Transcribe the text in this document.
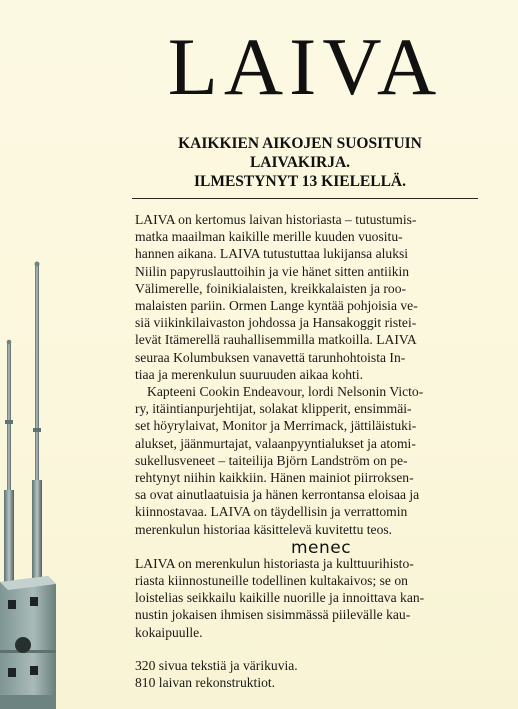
LAIVA
KAIKKIEN AIKOJEN SUOSITUIN
LAIVAKIRJA.
ILMESTYNYT 13 KIELELLÄ.

LAIVA on kertomus laivan historiasta – tutustumis-
matka maailman kaikille merille kuuden vuositu-
hannen aikana. LAIVA tutustuttaa lukijansa aluksi
Niilin papyruslauttoihin ja vie hänet sitten antiikin
Välimerelle, foinikialaisten, kreikkalaisten ja roo-
malaisten pariin. Ormen Lange kyntää pohjoisia ve-
siä viikinkilaivaston johdossa ja Hansakoggit ristei-
levät Itämerellä rauhallisemmilla matkoilla. LAIVA
seuraa Kolumbuksen vanavettä tarunhohtoista In-
tiaa ja merenkulun suuruuden aikaa kohti.

Kapteeni Cookin Endeavour, lordi Nelsonin Victo-
ry, itäintianpurjehtijat, solakat klipperit, ensimmäi-
set höyrylaivat, Monitor ja Merrimack, jättiläistuki-
alukset, jäänmurtajat, valaanpyyntialukset ja atomi-
sukellusveneet – taiteilija Björn Landström on pe-
rehtynyt niihin kaikkiin. Hänen mainiot piirroksen-
sa ovat ainutlaatuisia ja hänen kerrontansa eloisaa ja
kiinnostavaa. LAIVA on täydellisin ja verrattomin
merenkulun historiaa käsittelevä kuvitettu teos.

LAIVA on merenkulun historiasta ja kulttuurihisto-
riasta kiinnostuneille todellinen kultakaivos; se on
loistelias seikkailu kaikille nuorille ja innoittava kan-
nustin jokaisen ihmisen sisimmässä piilevälle kau-
kokaipuulle.

menec
320 sivua tekstiä ja värikuvia.
810 laivan rekonstruktiot.
